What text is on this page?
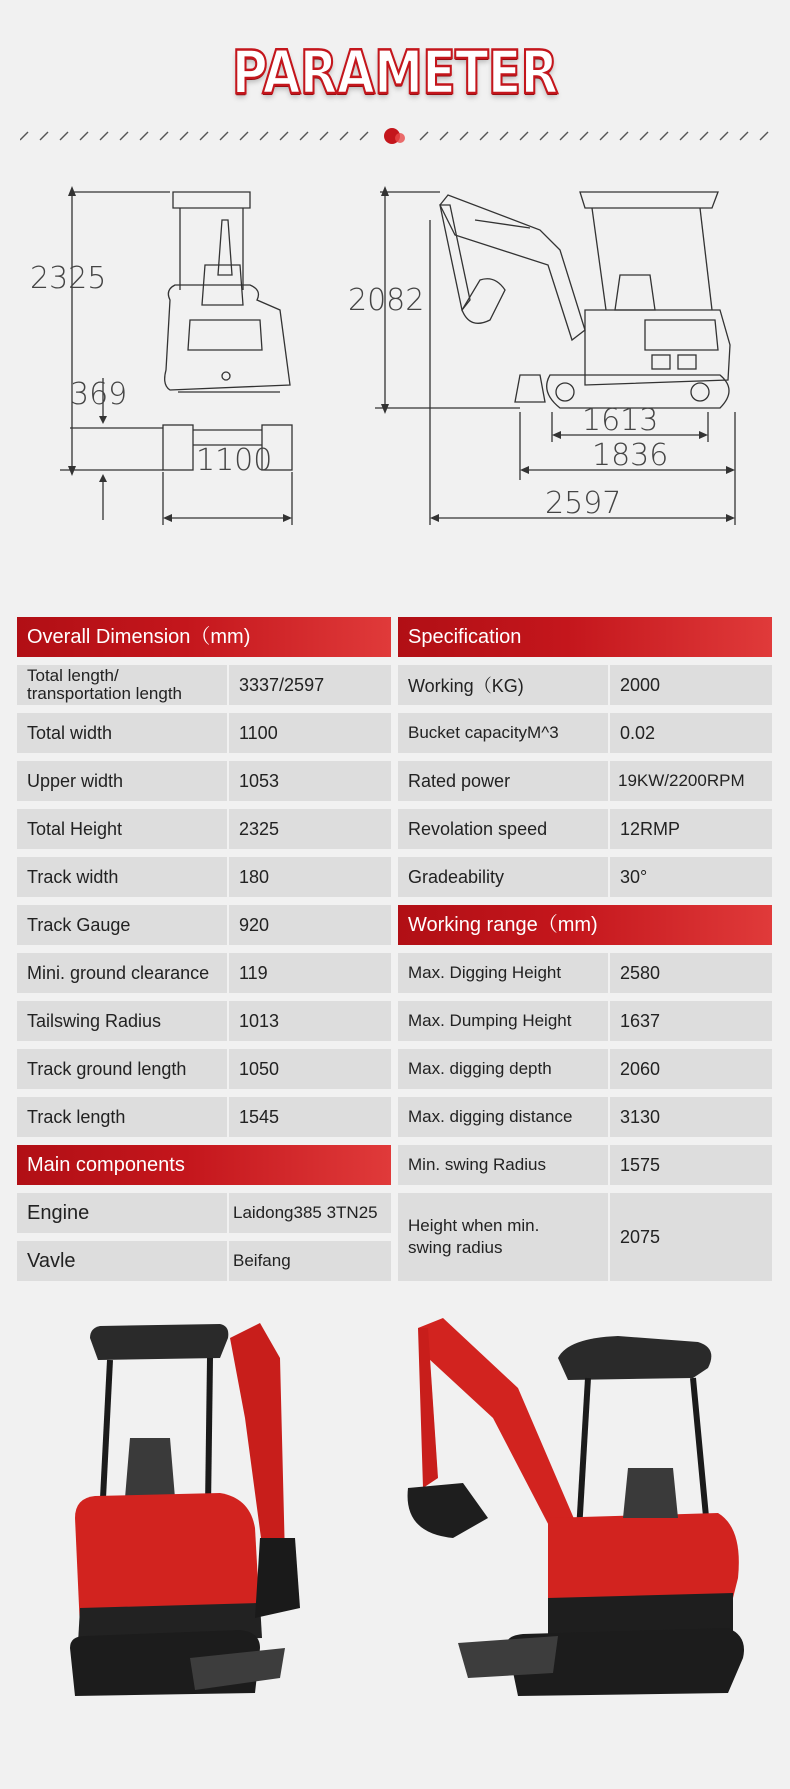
PARAMETER
2325
369
1100
2082
1613
1836
2597
Overall Dimension（mm)
Total length/
transportation length	3337/2597
Total width	1100
Upper width	1053
Total Height	2325
Track width	180
Track Gauge	920
Mini. ground clearance	119
Tailswing Radius	1013
Track ground length	1050
Track length	1545
Main components
Engine	Laidong385 3TN25
Vavle	Beifang
Specification
Working（KG)	2000
Bucket capacityM^3	0.02
Rated power	19KW/2200RPM
Revolation speed	12RMP
Gradeability	30°
Working range（mm)
Max. Digging Height	2580
Max. Dumping Height	1637
Max. digging depth	2060
Max. digging distance	3130
Min. swing Radius	1575
Height when min.
swing radius
2075
